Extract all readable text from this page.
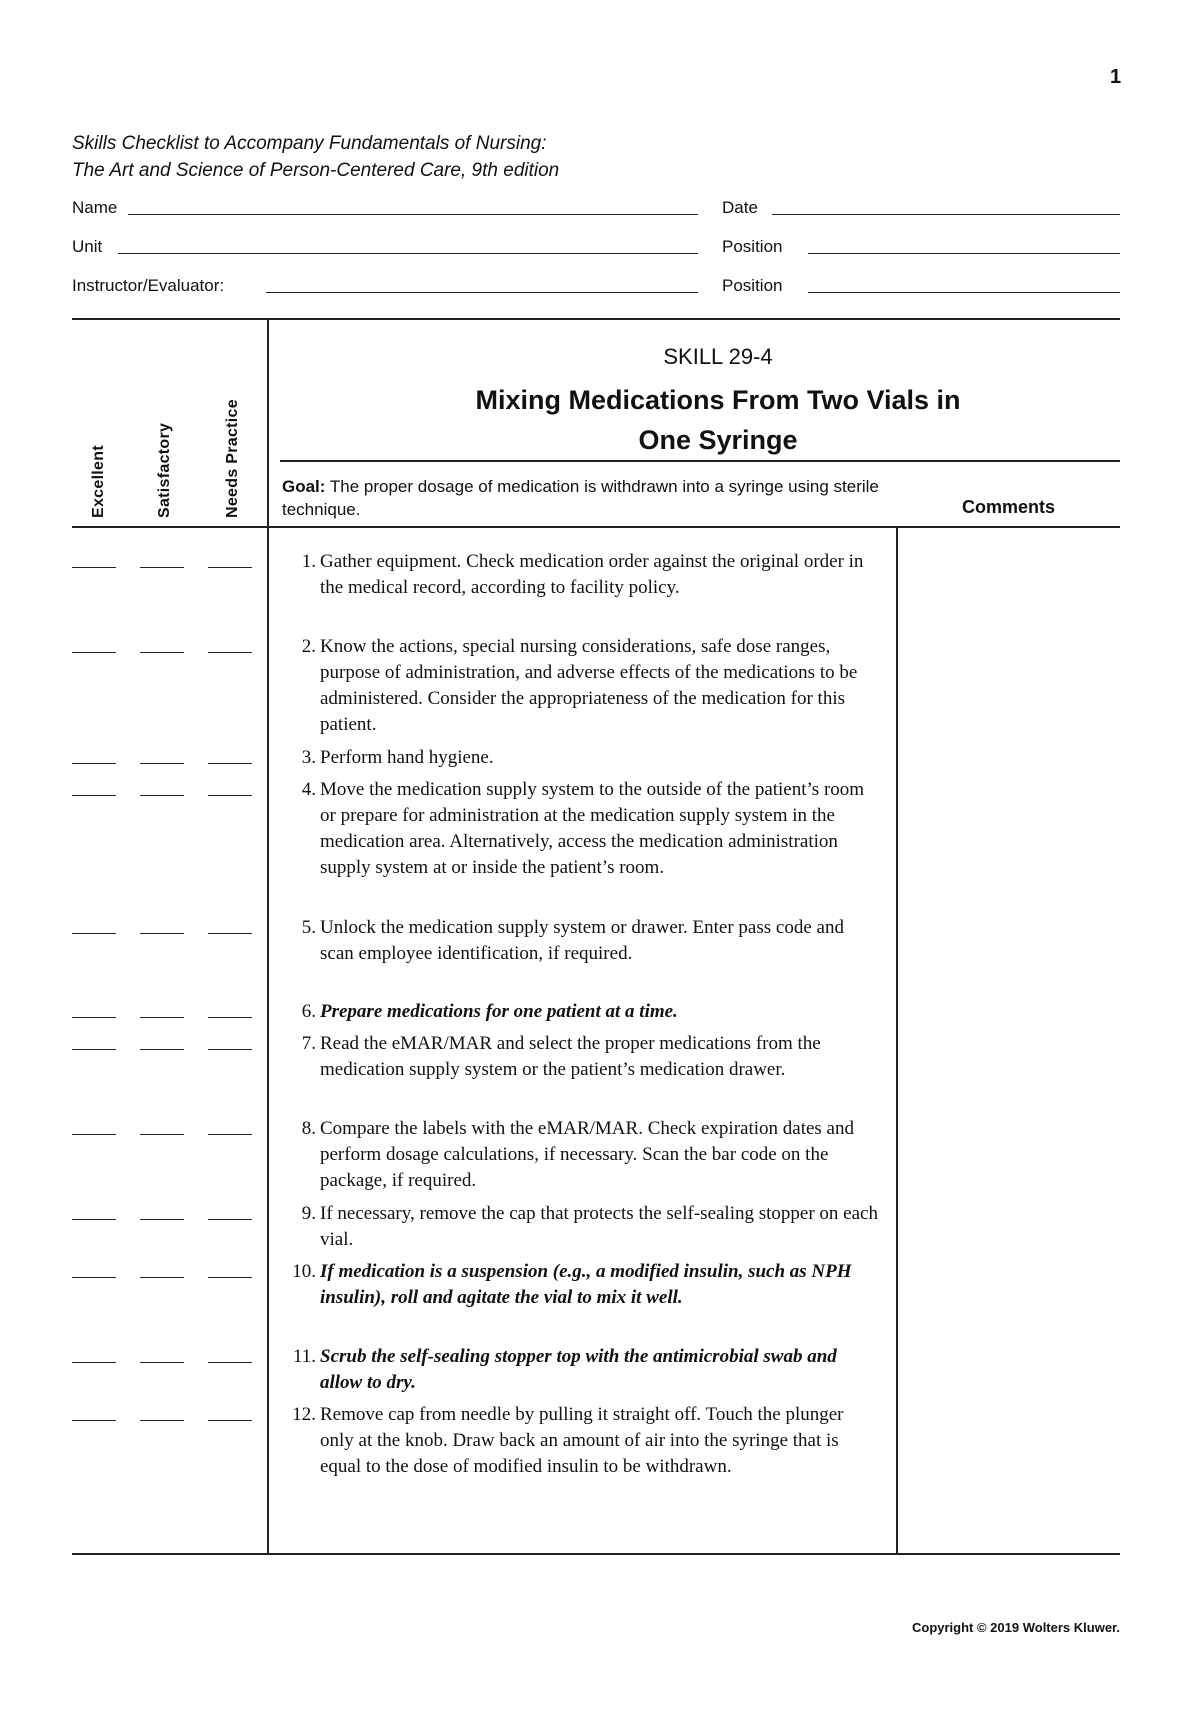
1
Skills Checklist to Accompany Fundamentals of Nursing:
The Art and Science of Person-Centered Care, 9th edition
Name	Date
Unit	Position
Instructor/Evaluator:	Position
Excellent	Satisfactory	Needs Practice
SKILL 29-4
Mixing Medications From Two Vials in
One Syringe
Goal: The proper dosage of medication is withdrawn into a syringe using sterile technique.	Comments
1. Gather equipment. Check medication order against the original order in the medical record, according to facility policy.
2. Know the actions, special nursing considerations, safe dose ranges, purpose of administration, and adverse effects of the medications to be administered. Consider the appropriateness of the medication for this patient.
3. Perform hand hygiene.
4. Move the medication supply system to the outside of the patient’s room or prepare for administration at the medication supply system in the medication area. Alternatively, access the medication administration supply system at or inside the patient’s room.
5. Unlock the medication supply system or drawer. Enter pass code and scan employee identification, if required.
6. Prepare medications for one patient at a time.
7. Read the eMAR/MAR and select the proper medications from the medication supply system or the patient’s medication drawer.
8. Compare the labels with the eMAR/MAR. Check expiration dates and perform dosage calculations, if necessary. Scan the bar code on the package, if required.
9. If necessary, remove the cap that protects the self-sealing stopper on each vial.
10. If medication is a suspension (e.g., a modified insulin, such as NPH insulin), roll and agitate the vial to mix it well.
11. Scrub the self-sealing stopper top with the antimicrobial swab and allow to dry.
12. Remove cap from needle by pulling it straight off. Touch the plunger only at the knob. Draw back an amount of air into the syringe that is equal to the dose of modified insulin to be withdrawn.
Copyright © 2019 Wolters Kluwer.
